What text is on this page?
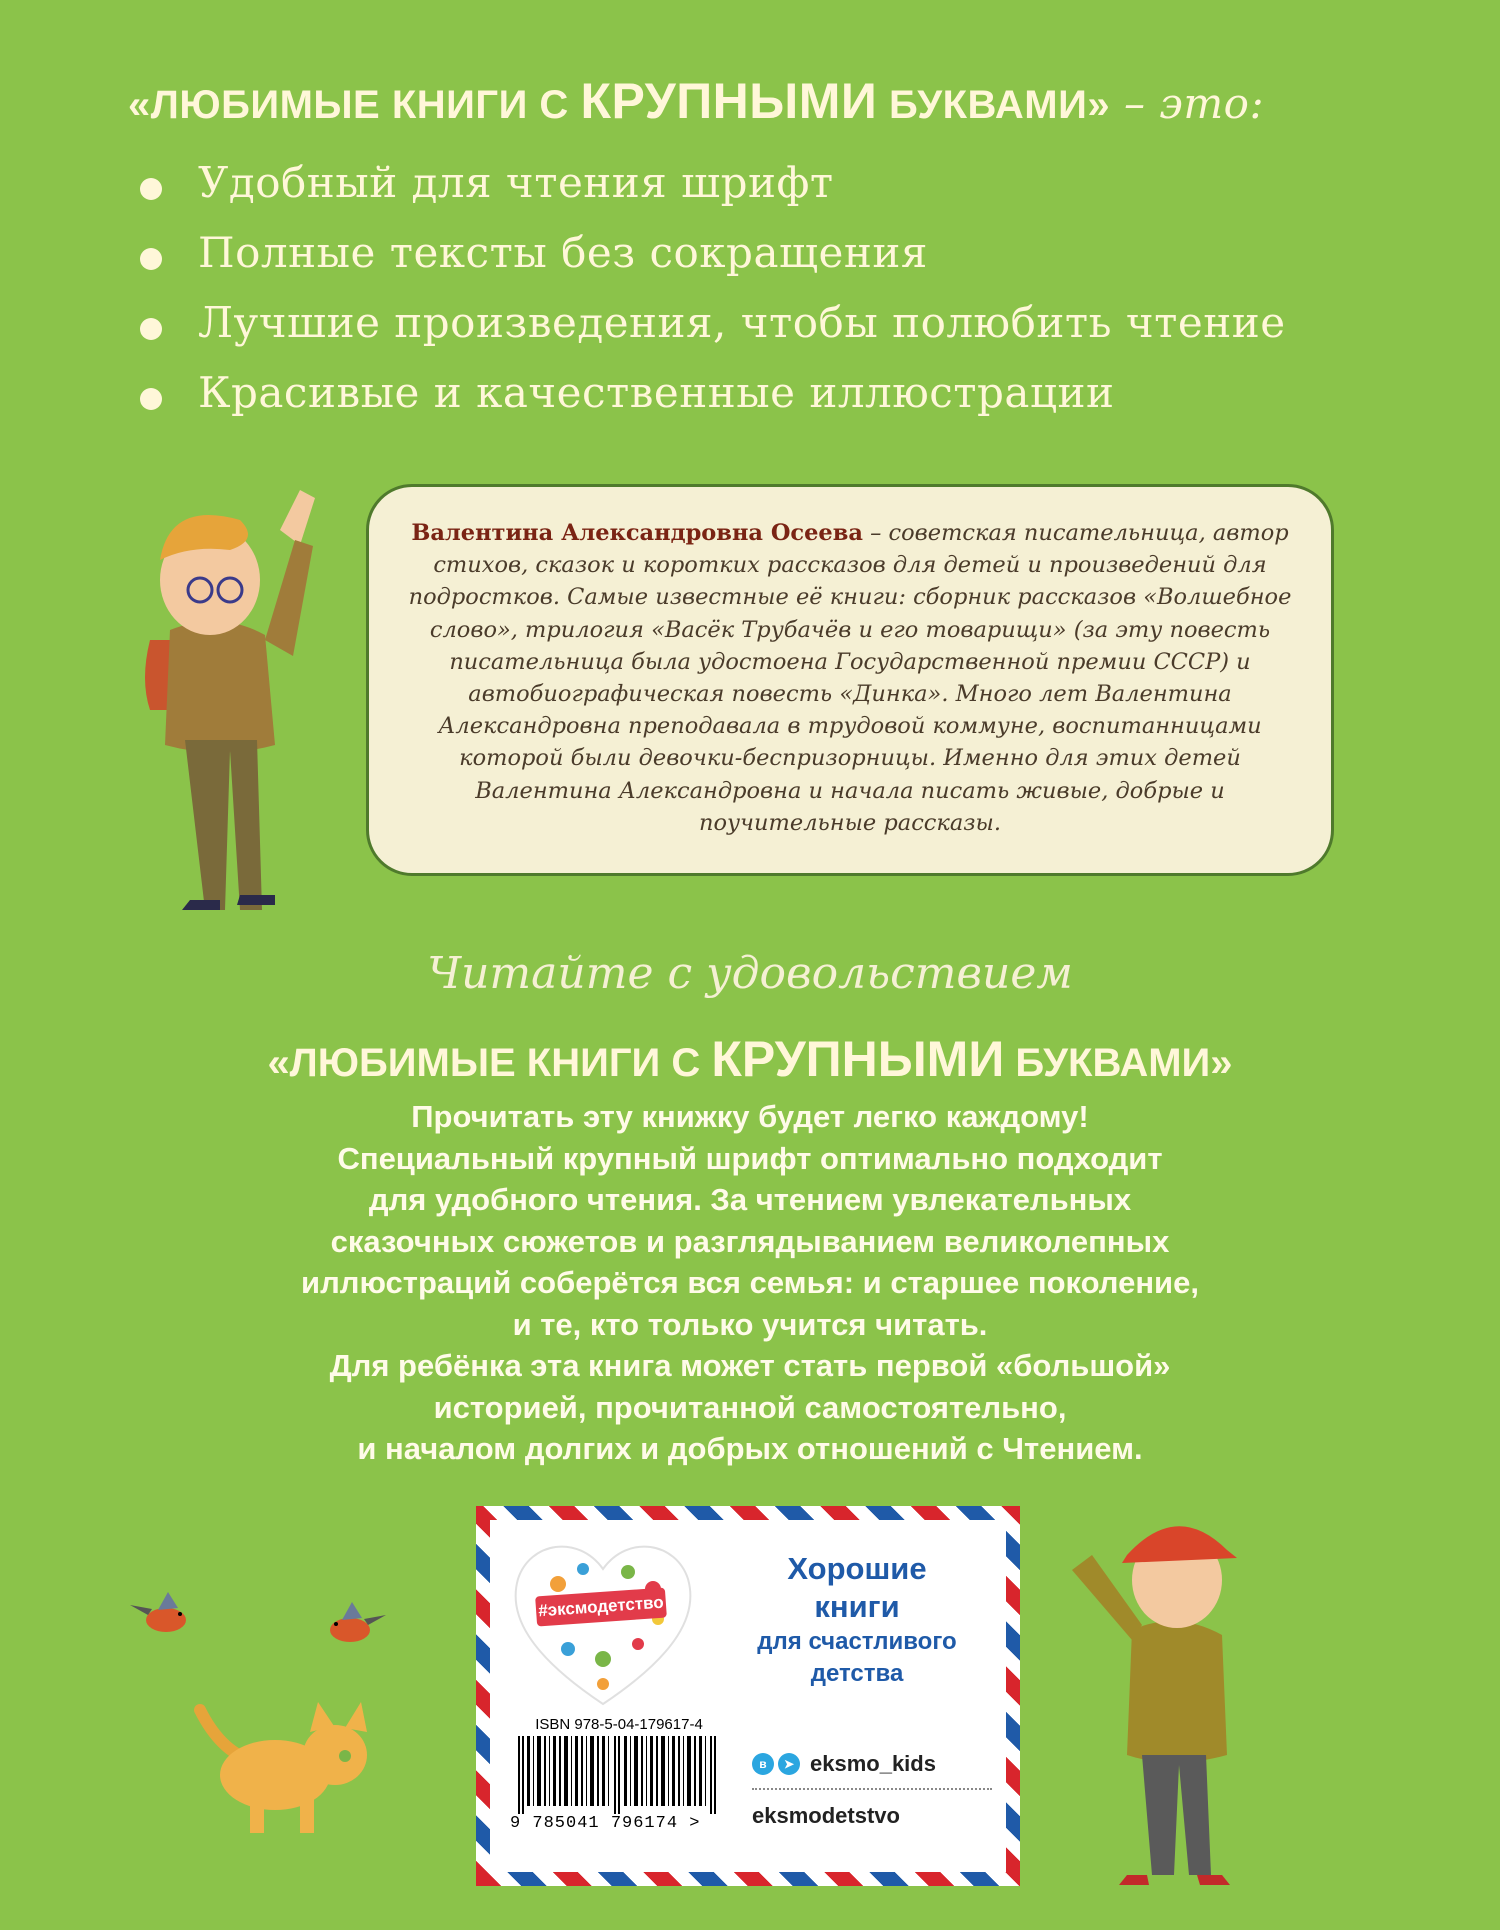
«ЛЮБИМЫЕ КНИГИ С КРУПНЫМИ БУКВАМИ» – это:
Удобный для чтения шрифт
Полные тексты без сокращения
Лучшие произведения, чтобы полюбить чтение
Красивые и качественные иллюстрации
Валентина Александровна Осеева – советская писательница, автор стихов, сказок и коротких рассказов для детей и произведений для подростков. Самые известные её книги: сборник рассказов «Волшебное слово», трилогия «Васёк Трубачёв и его товарищи» (за эту повесть писательница была удостоена Государственной премии СССР) и автобиографическая повесть «Динка». Много лет Валентина Александровна преподавала в трудовой коммуне, воспитанницами которой были девочки-беспризорницы. Именно для этих детей Валентина Александровна и начала писать живые, добрые и поучительные рассказы.
Читайте с удовольствием
«ЛЮБИМЫЕ КНИГИ С КРУПНЫМИ БУКВАМИ»
Прочитать эту книжку будет легко каждому!
Специальный крупный шрифт оптимально подходит
для удобного чтения. За чтением увлекательных
сказочных сюжетов и разглядыванием великолепных
иллюстраций соберётся вся семья: и старшее поколение,
и те, кто только учится читать.
Для ребёнка эта книга может стать первой «большой»
историей, прочитанной самостоятельно,
и началом долгих и добрых отношений с Чтением.
#эксмодетство
Хорошие
книги
для счастливого
детства
ISBN 978-5-04-179617-4
9 785041 796174 >
в	➤ eksmo_kids
eksmodetstvo
